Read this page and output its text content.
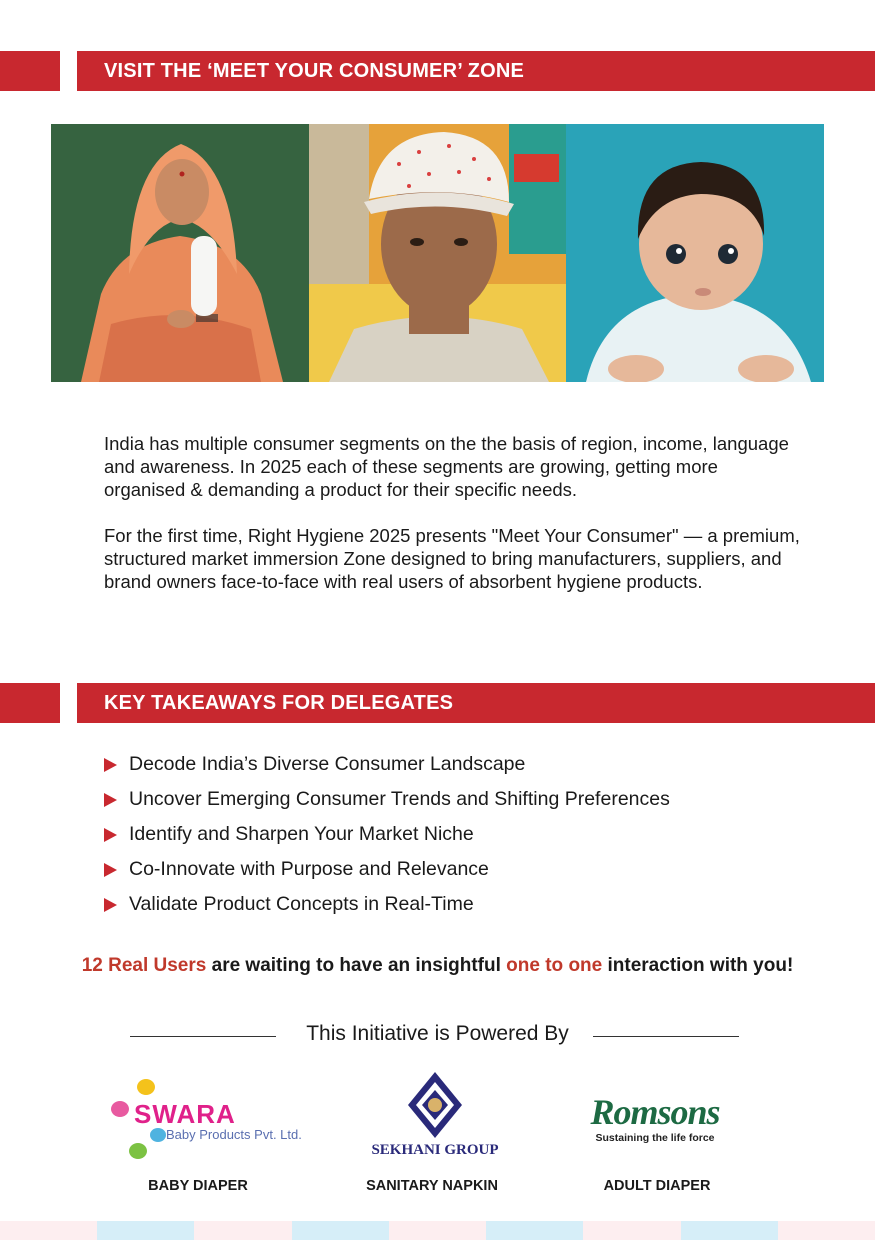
VISIT THE ‘MEET YOUR CONSUMER’ ZONE

India has multiple consumer segments on the the basis of region, income, language and awareness. In 2025 each of these segments are growing, getting more organised & demanding a product for their specific needs.

For the first time, Right Hygiene 2025 presents "Meet Your Consumer" — a premium, structured market immersion Zone designed to bring manufacturers, suppliers, and brand owners face-to-face with real users of absorbent hygiene products.

KEY TAKEAWAYS FOR DELEGATES
Decode India’s Diverse Consumer Landscape
Uncover Emerging Consumer Trends and Shifting Preferences
Identify and Sharpen Your Market Niche
Co-Innovate with Purpose and Relevance
Validate Product Concepts in Real-Time
12 Real Users are waiting to have an insightful one to one interaction with you!
This Initiative is Powered By
SWARA
Baby Products Pvt. Ltd.
BABY DIAPER
SEKHANI GROUP
SANITARY NAPKIN
Romsons
Sustaining the life force
ADULT DIAPER
